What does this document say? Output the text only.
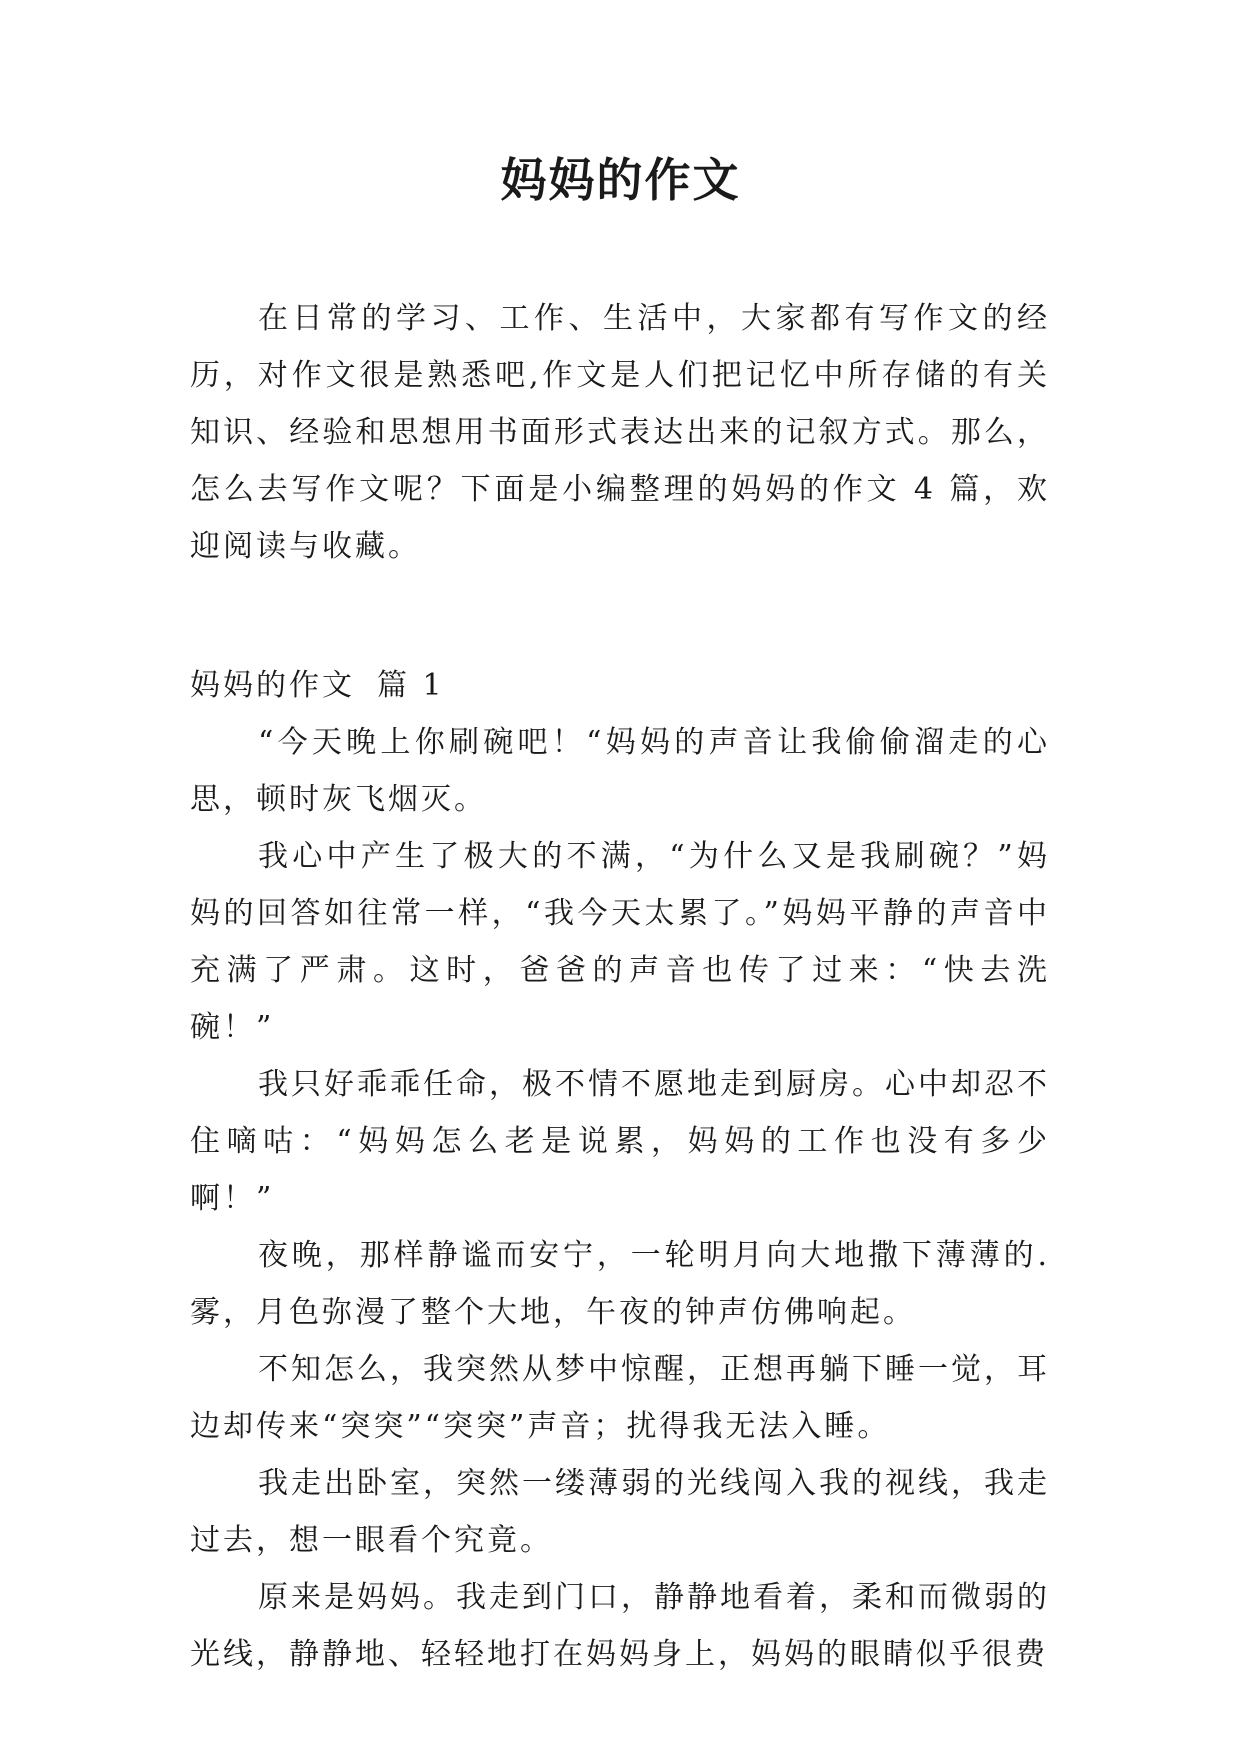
妈妈的作文

在日常的学习、工作、生活中，大家都有写作文的经历，对作文很是熟悉吧,作文是人们把记忆中所存储的有关知识、经验和思想用书面形式表达出来的记叙方式。那么，怎么去写作文呢？下面是小编整理的妈妈的作文 4 篇，欢迎阅读与收藏。

妈妈的作文 篇 1

“今天晚上你刷碗吧！“妈妈的声音让我偷偷溜走的心思，顿时灰飞烟灭。

我心中产生了极大的不满，“为什么又是我刷碗？”妈妈的回答如往常一样，“我今天太累了。”妈妈平静的声音中充满了严肃。这时，爸爸的声音也传了过来：“快去洗碗！”

我只好乖乖任命，极不情不愿地走到厨房。心中却忍不住嘀咕：“妈妈怎么老是说累，妈妈的工作也没有多少啊！”

夜晚，那样静谧而安宁，一轮明月向大地撒下薄薄的.雾，月色弥漫了整个大地，午夜的钟声仿佛响起。

不知怎么，我突然从梦中惊醒，正想再躺下睡一觉，耳边却传来“突突”“突突”声音；扰得我无法入睡。

我走出卧室，突然一缕薄弱的光线闯入我的视线，我走过去，想一眼看个究竟。

原来是妈妈。我走到门口，静静地看着，柔和而微弱的光线，静静地、轻轻地打在妈妈身上，妈妈的眼睛似乎很费
